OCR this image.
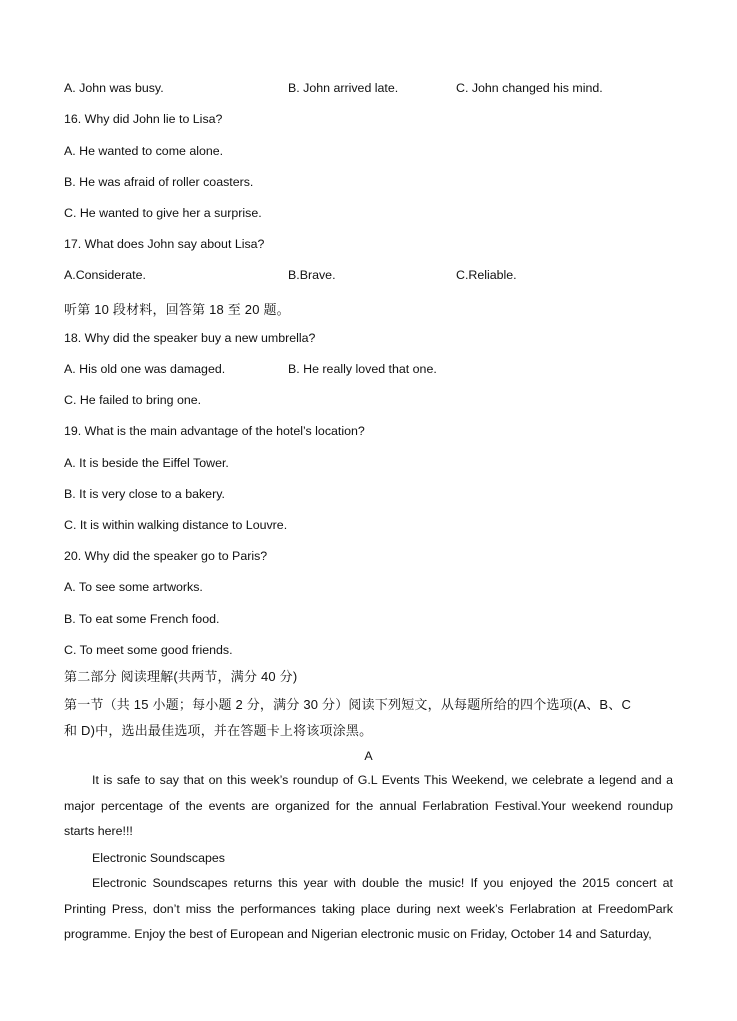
A. John was busy.	B. John arrived late.	C. John changed his mind.
16. Why did John lie to Lisa?
A. He wanted to come alone.
B. He was afraid of roller coasters.
C. He wanted to give her a surprise.
17. What does John say about Lisa?
A.Considerate.	B.Brave.	C.Reliable.
听第 10 段材料，回答第 18 至 20 题。
18. Why did the speaker buy a new umbrella?
A. His old one was damaged.	B. He really loved that one.
C. He failed to bring one.
19. What is the main advantage of the hotel’s location?
A. It is beside the Eiffel Tower.
B. It is very close to a bakery.
C. It is within walking distance to Louvre.
20. Why did the speaker go to Paris?
A. To see some artworks.
B. To eat some French food.
C. To meet some good friends.
第二部分 阅读理解(共两节，满分 40 分)
第一节（共 15 小题；每小题 2 分，满分 30 分）阅读下列短文，从每题所给的四个选项(A、B、C
和 D)中，选出最佳选项，并在答题卡上将该项涂黑。
A
It is safe to say that on this week’s roundup of G.L Events This Weekend, we celebrate a legend and a major percentage of the events are organized for the annual Ferlabration Festival.Your weekend roundup starts here!!!
Electronic Soundscapes
Electronic Soundscapes returns this year with double the music! If you enjoyed the 2015 concert at Printing Press, don’t miss the performances taking place during next week’s Ferlabration at FreedomPark programme. Enjoy the best of European and Nigerian electronic music on Friday, October 14 and Saturday,
